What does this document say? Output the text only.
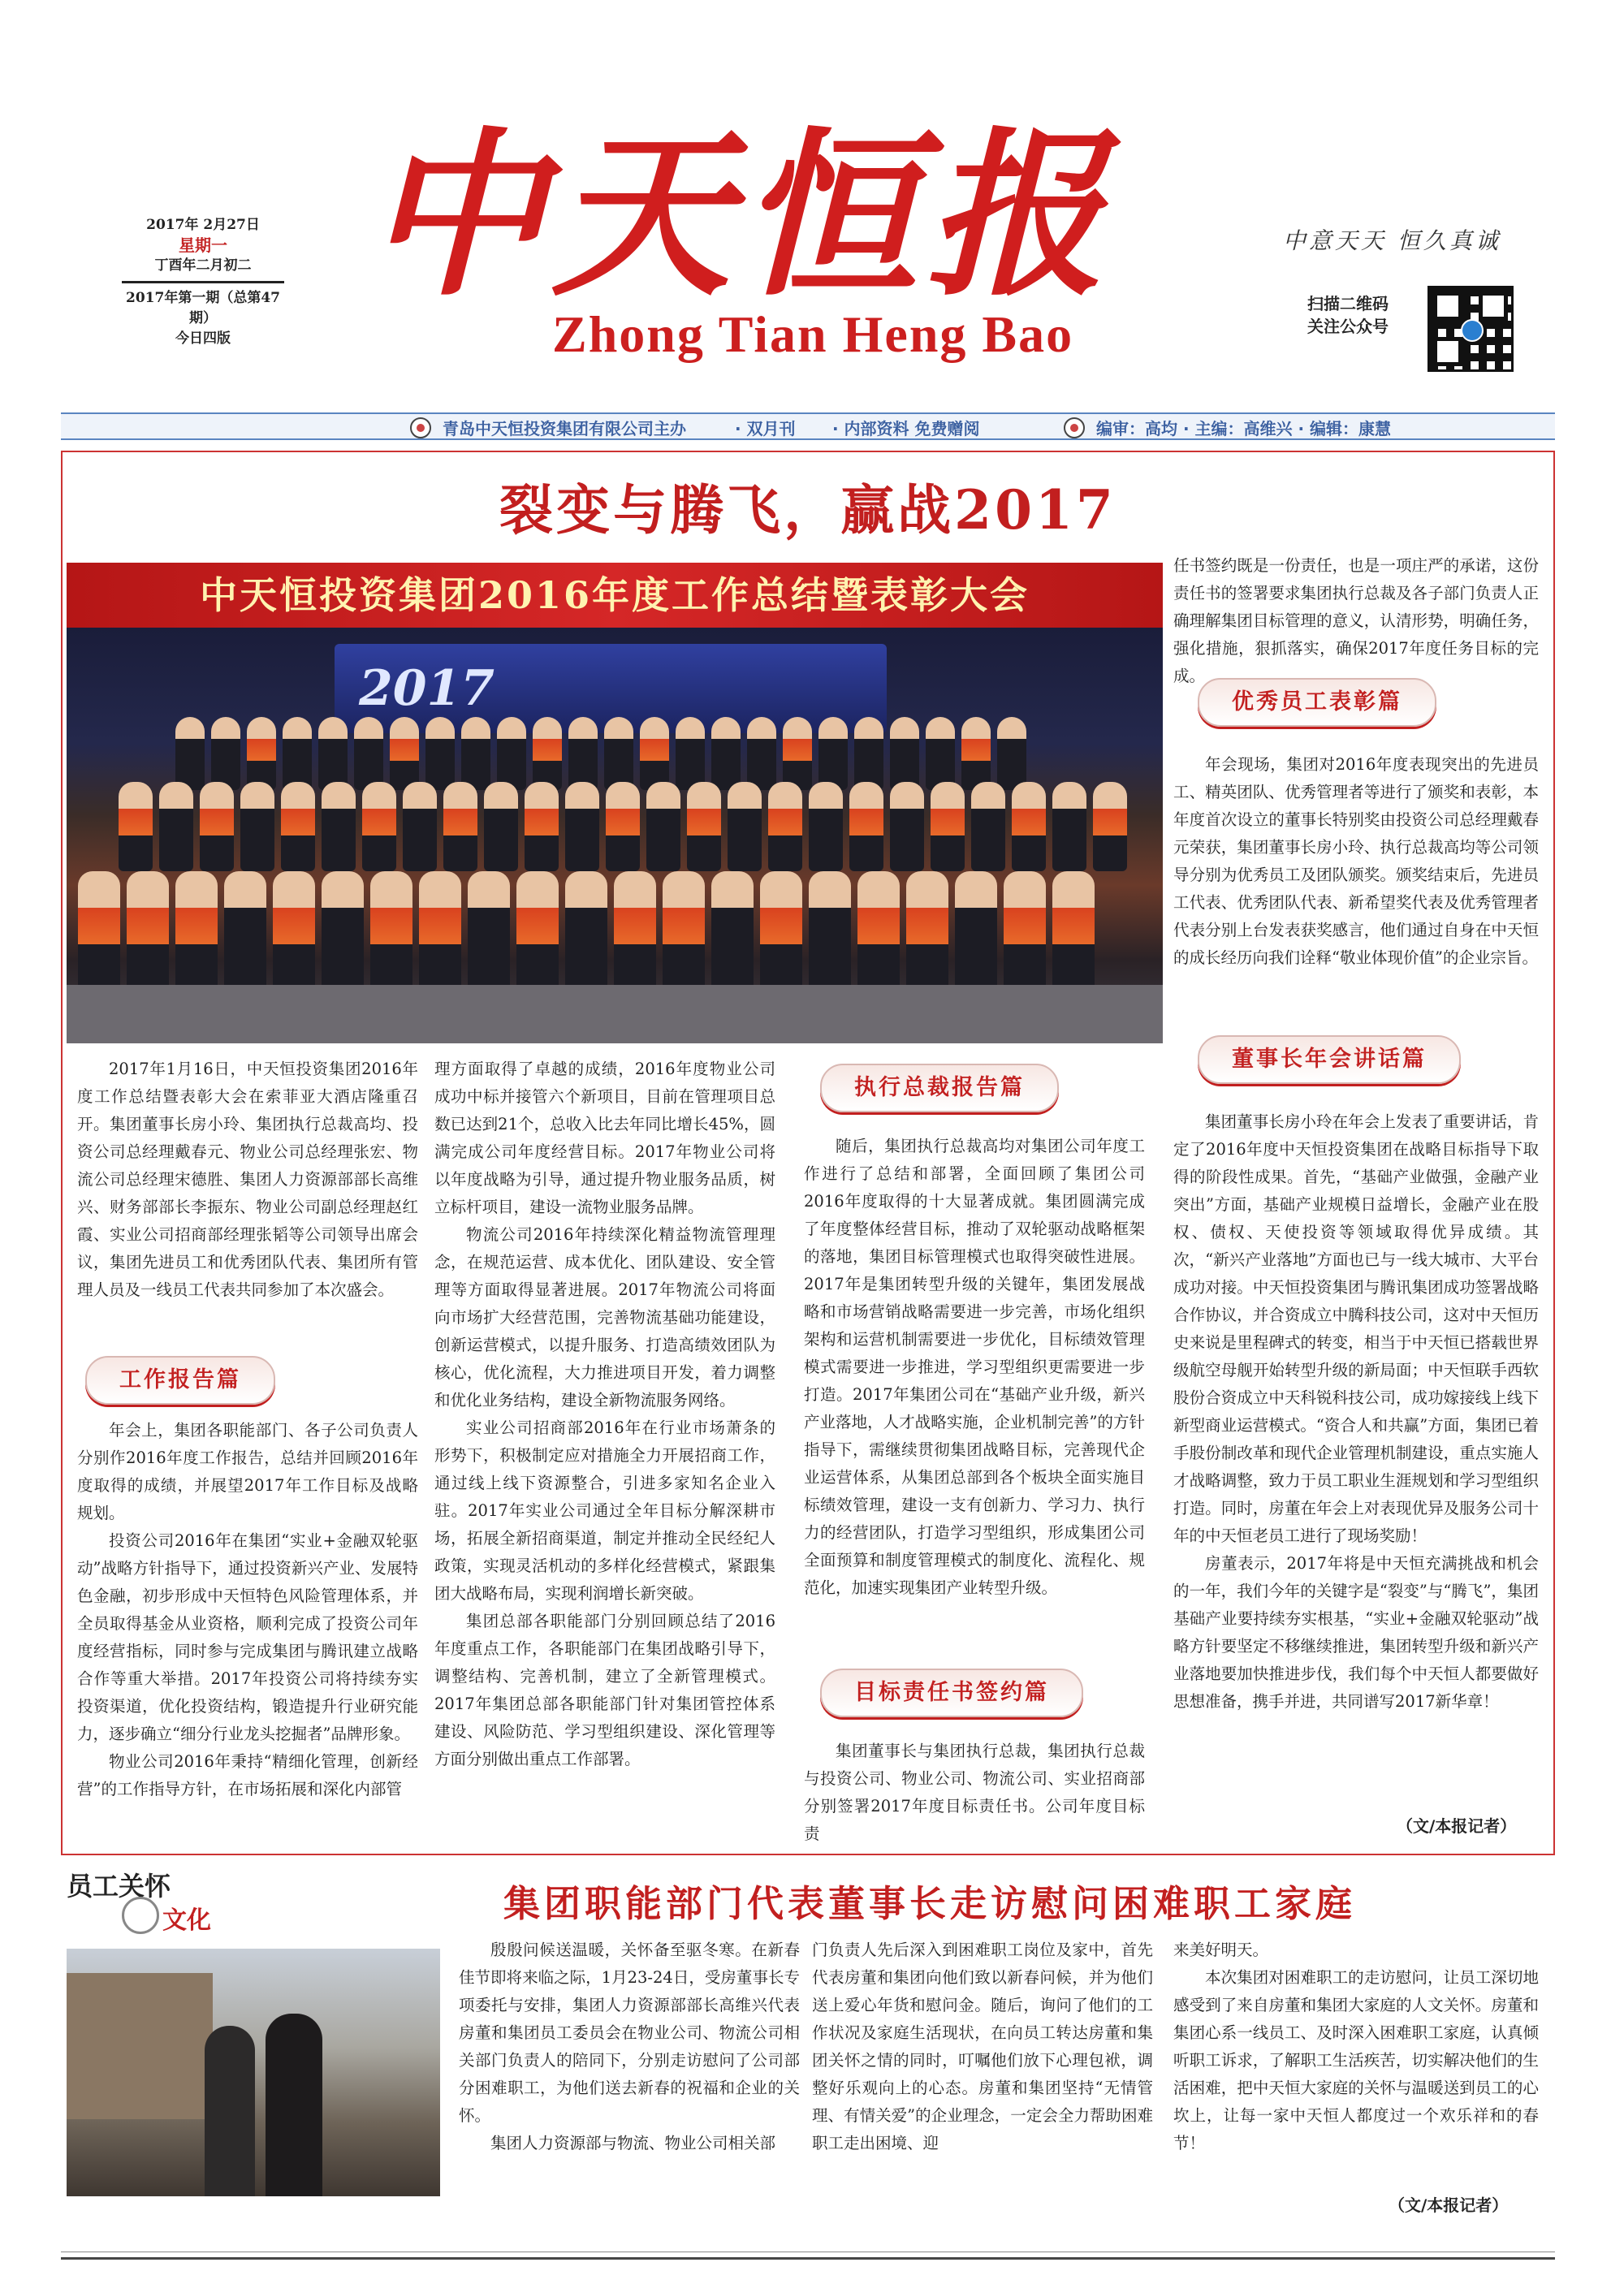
2017年 2月27日
星期一
丁酉年二月初二
2017年第一期（总第47期）
今日四版
中天恒报
Zhong Tian Heng Bao
中意天天 恒久真诚
扫描二维码
关注公众号
青岛中天恒投资集团有限公司主办	· 双月刊 · 内部资料 免费赠阅	编审：高均 · 主编：高维兴 · 编辑：康慧
裂变与腾飞，赢战2017
中天恒投资集团2016年度工作总结暨表彰大会
2017

2017年1月16日，中天恒投资集团2016年度工作总结暨表彰大会在索菲亚大酒店隆重召开。集团董事长房小玲、集团执行总裁高均、投资公司总经理戴春元、物业公司总经理张宏、物流公司总经理宋德胜、集团人力资源部部长高维兴、财务部部长李振东、物业公司副总经理赵红霞、实业公司招商部经理张韬等公司领导出席会议，集团先进员工和优秀团队代表、集团所有管理人员及一线员工代表共同参加了本次盛会。

工作报告篇

年会上，集团各职能部门、各子公司负责人分别作2016年度工作报告，总结并回顾2016年度取得的成绩，并展望2017年工作目标及战略规划。

投资公司2016年在集团“实业+金融双轮驱动”战略方针指导下，通过投资新兴产业、发展特色金融，初步形成中天恒特色风险管理体系，并全员取得基金从业资格，顺利完成了投资公司年度经营指标，同时参与完成集团与腾讯建立战略合作等重大举措。2017年投资公司将持续夯实投资渠道，优化投资结构，锻造提升行业研究能力，逐步确立“细分行业龙头挖掘者”品牌形象。

物业公司2016年秉持“精细化管理，创新经营”的工作指导方针，在市场拓展和深化内部管

理方面取得了卓越的成绩，2016年度物业公司成功中标并接管六个新项目，目前在管理项目总数已达到21个，总收入比去年同比增长45%，圆满完成公司年度经营目标。2017年物业公司将以年度战略为引导，通过提升物业服务品质，树立标杆项目，建设一流物业服务品牌。

物流公司2016年持续深化精益物流管理理念，在规范运营、成本优化、团队建设、安全管理等方面取得显著进展。2017年物流公司将面向市场扩大经营范围，完善物流基础功能建设，创新运营模式，以提升服务、打造高绩效团队为核心，优化流程，大力推进项目开发，着力调整和优化业务结构，建设全新物流服务网络。

实业公司招商部2016年在行业市场萧条的形势下，积极制定应对措施全力开展招商工作，通过线上线下资源整合，引进多家知名企业入驻。2017年实业公司通过全年目标分解深耕市场，拓展全新招商渠道，制定并推动全民经纪人政策，实现灵活机动的多样化经营模式，紧跟集团大战略布局，实现利润增长新突破。

集团总部各职能部门分别回顾总结了2016年度重点工作，各职能部门在集团战略引导下，调整结构、完善机制，建立了全新管理模式。2017年集团总部各职能部门针对集团管控体系建设、风险防范、学习型组织建设、深化管理等方面分别做出重点工作部署。

执行总裁报告篇

随后，集团执行总裁高均对集团公司年度工作进行了总结和部署，全面回顾了集团公司2016年度取得的十大显著成就。集团圆满完成了年度整体经营目标，推动了双轮驱动战略框架的落地，集团目标管理模式也取得突破性进展。2017年是集团转型升级的关键年，集团发展战略和市场营销战略需要进一步完善，市场化组织架构和运营机制需要进一步优化，目标绩效管理模式需要进一步推进，学习型组织更需要进一步打造。2017年集团公司在“基础产业升级，新兴产业落地，人才战略实施，企业机制完善”的方针指导下，需继续贯彻集团战略目标，完善现代企业运营体系，从集团总部到各个板块全面实施目标绩效管理，建设一支有创新力、学习力、执行力的经营团队，打造学习型组织，形成集团公司全面预算和制度管理模式的制度化、流程化、规范化，加速实现集团产业转型升级。

目标责任书签约篇

集团董事长与集团执行总裁，集团执行总裁与投资公司、物业公司、物流公司、实业招商部分别签署2017年度目标责任书。公司年度目标责

任书签约既是一份责任，也是一项庄严的承诺，这份责任书的签署要求集团执行总裁及各子部门负责人正确理解集团目标管理的意义，认清形势，明确任务，强化措施，狠抓落实，确保2017年度任务目标的完成。

优秀员工表彰篇

年会现场，集团对2016年度表现突出的先进员工、精英团队、优秀管理者等进行了颁奖和表彰，本年度首次设立的董事长特别奖由投资公司总经理戴春元荣获，集团董事长房小玲、执行总裁高均等公司领导分别为优秀员工及团队颁奖。颁奖结束后，先进员工代表、优秀团队代表、新希望奖代表及优秀管理者代表分别上台发表获奖感言，他们通过自身在中天恒的成长经历向我们诠释“敬业体现价值”的企业宗旨。

董事长年会讲话篇

集团董事长房小玲在年会上发表了重要讲话，肯定了2016年度中天恒投资集团在战略目标指导下取得的阶段性成果。首先，“基础产业做强，金融产业突出”方面，基础产业规模日益增长，金融产业在股权、债权、天使投资等领域取得优异成绩。其次，“新兴产业落地”方面也已与一线大城市、大平台成功对接。中天恒投资集团与腾讯集团成功签署战略合作协议，并合资成立中腾科技公司，这对中天恒历史来说是里程碑式的转变，相当于中天恒已搭载世界级航空母舰开始转型升级的新局面；中天恒联手西软股份合资成立中天科锐科技公司，成功嫁接线上线下新型商业运营模式。“资合人和共赢”方面，集团已着手股份制改革和现代企业管理机制建设，重点实施人才战略调整，致力于员工职业生涯规划和学习型组织打造。同时，房董在年会上对表现优异及服务公司十年的中天恒老员工进行了现场奖励！

房董表示，2017年将是中天恒充满挑战和机会的一年，我们今年的关键字是“裂变”与“腾飞”，集团基础产业要持续夯实根基，“实业+金融双轮驱动”战略方针要坚定不移继续推进，集团转型升级和新兴产业落地要加快推进步伐，我们每个中天恒人都要做好思想准备，携手并进，共同谱写2017新华章！

（文/本报记者）
员工关怀
文化	集团职能部门代表董事长走访慰问困难职工家庭

殷殷问候送温暖，关怀备至驱冬寒。在新春佳节即将来临之际，1月23-24日，受房董事长专项委托与安排，集团人力资源部部长高维兴代表房董和集团员工委员会在物业公司、物流公司相关部门负责人的陪同下，分别走访慰问了公司部分困难职工，为他们送去新春的祝福和企业的关怀。

集团人力资源部与物流、物业公司相关部

门负责人先后深入到困难职工岗位及家中，首先代表房董和集团向他们致以新春问候，并为他们送上爱心年货和慰问金。随后，询问了他们的工作状况及家庭生活现状，在向员工转达房董和集团关怀之情的同时，叮嘱他们放下心理包袱，调整好乐观向上的心态。房董和集团坚持“无情管理、有情关爱”的企业理念，一定会全力帮助困难职工走出困境、迎

来美好明天。

本次集团对困难职工的走访慰问，让员工深切地感受到了来自房董和集团大家庭的人文关怀。房董和集团心系一线员工、及时深入困难职工家庭，认真倾听职工诉求，了解职工生活疾苦，切实解决他们的生活困难，把中天恒大家庭的关怀与温暖送到员工的心坎上，让每一家中天恒人都度过一个欢乐祥和的春节！

（文/本报记者）
